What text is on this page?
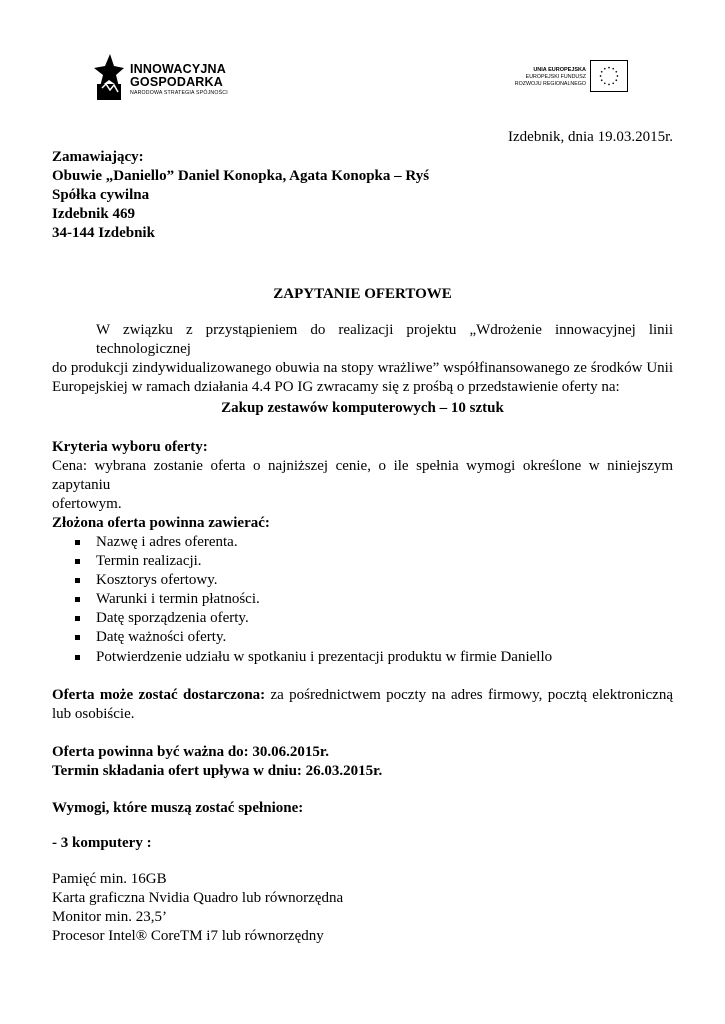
INNOWACYJNA
GOSPODARKA
NARODOWA STRATEGIA SPÓJNOŚCI
UNIA EUROPEJSKA
EUROPEJSKI FUNDUSZ
ROZWOJU REGIONALNEGO
Izdebnik, dnia 19.03.2015r.
Zamawiający:
Obuwie „Daniello” Daniel Konopka, Agata Konopka – Ryś
Spółka cywilna
Izdebnik 469
34-144 Izdebnik
ZAPYTANIE OFERTOWE
W związku z przystąpieniem do realizacji projektu „Wdrożenie innowacyjnej linii technologicznej
do produkcji zindywidualizowanego obuwia na stopy wrażliwe” współfinansowanego ze środków Unii
Europejskiej w ramach działania 4.4 PO IG zwracamy się z prośbą o przedstawienie oferty na:
Zakup zestawów komputerowych – 10 sztuk
Kryteria wyboru oferty:
Cena: wybrana zostanie oferta o najniższej cenie, o ile spełnia wymogi określone w niniejszym zapytaniu
ofertowym.
Złożona oferta powinna zawierać:
Nazwę i adres oferenta.
Termin realizacji.
Kosztorys ofertowy.
Warunki i termin płatności.
Datę sporządzenia oferty.
Datę ważności oferty.
Potwierdzenie udziału w spotkaniu i prezentacji produktu w firmie Daniello
Oferta może zostać dostarczona: za pośrednictwem poczty na adres firmowy, pocztą elektroniczną
lub osobiście.
Oferta powinna być ważna do: 30.06.2015r.
Termin składania ofert upływa w dniu: 26.03.2015r.
Wymogi, które muszą zostać spełnione:
- 3 komputery :
Pamięć min. 16GB
Karta graficzna Nvidia Quadro lub równorzędna
Monitor min. 23,5’
Procesor Intel® CoreTM i7 lub równorzędny
